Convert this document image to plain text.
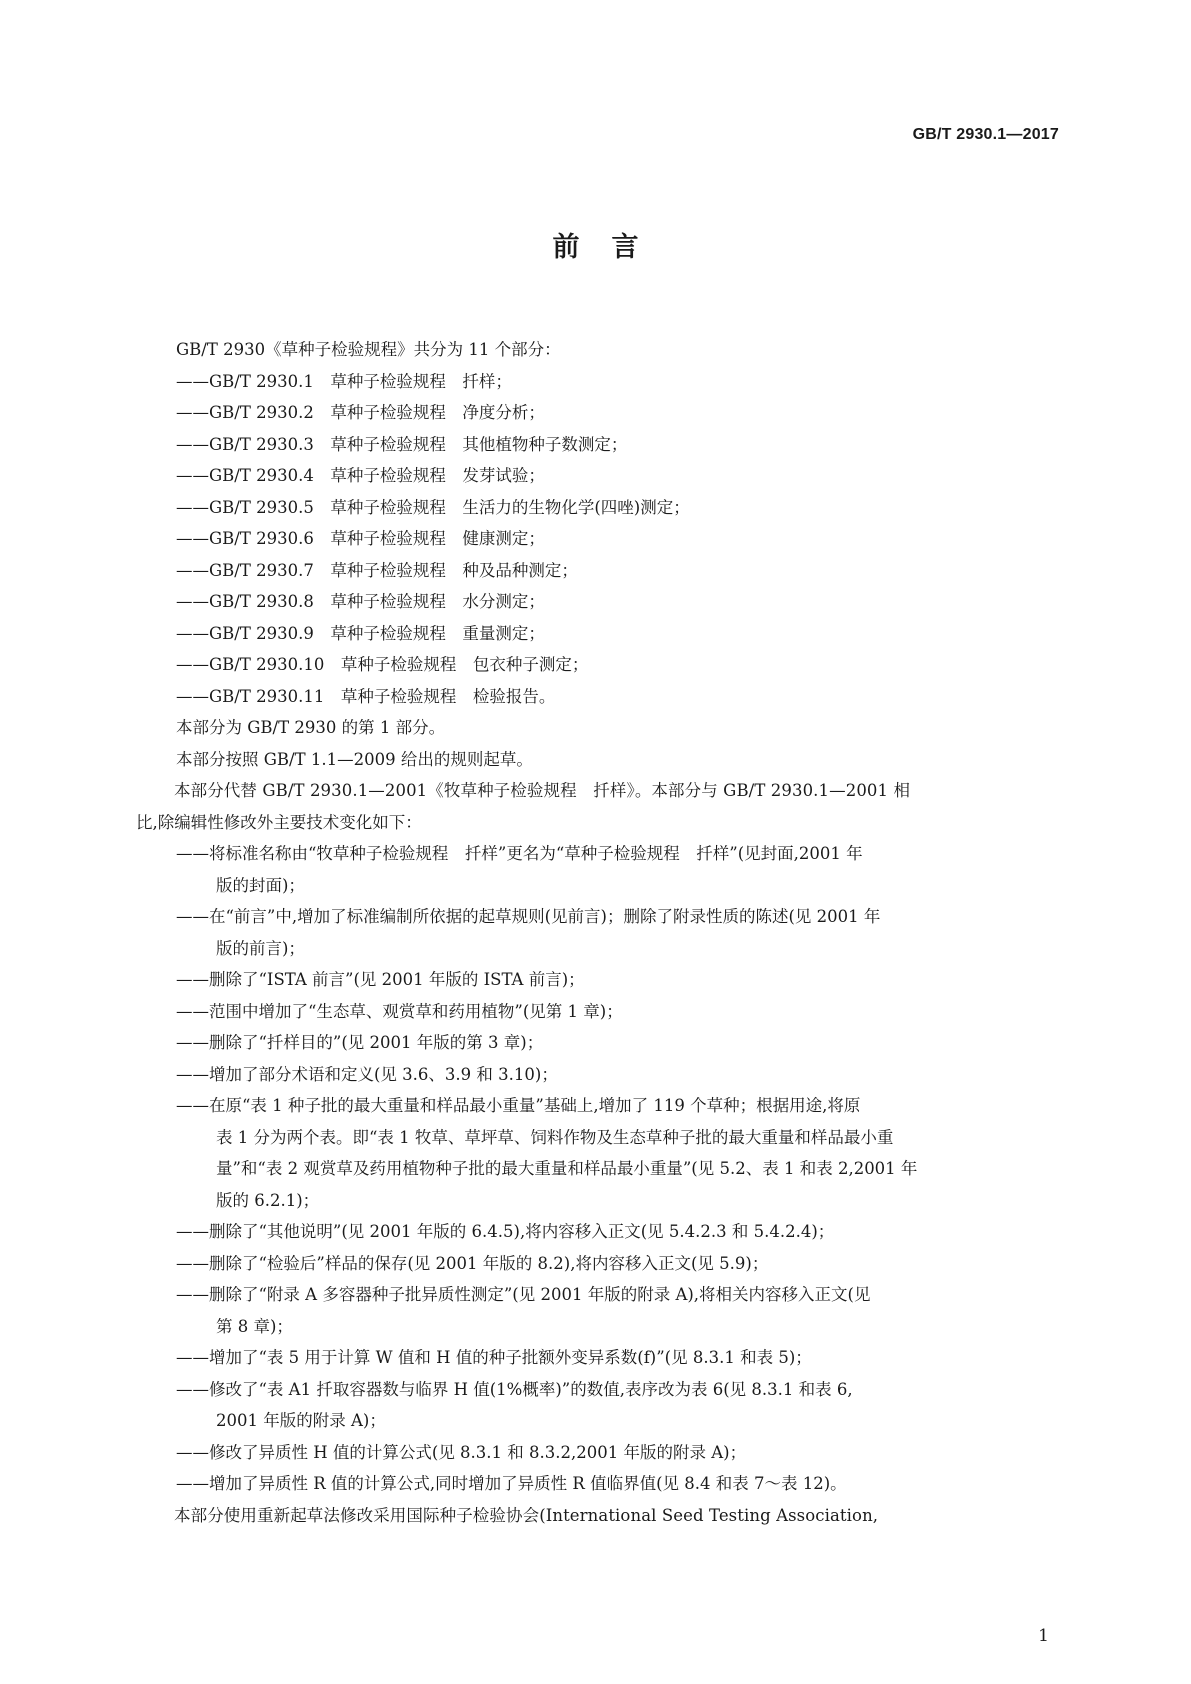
GB/T 2930.1—2017
前言

GB/T 2930《草种子检验规程》共分为 11 个部分：

——GB/T 2930.1　草种子检验规程　扦样；

——GB/T 2930.2　草种子检验规程　净度分析；

——GB/T 2930.3　草种子检验规程　其他植物种子数测定；

——GB/T 2930.4　草种子检验规程　发芽试验；

——GB/T 2930.5　草种子检验规程　生活力的生物化学(四唑)测定；

——GB/T 2930.6　草种子检验规程　健康测定；

——GB/T 2930.7　草种子检验规程　种及品种测定；

——GB/T 2930.8　草种子检验规程　水分测定；

——GB/T 2930.9　草种子检验规程　重量测定；

——GB/T 2930.10　草种子检验规程　包衣种子测定；

——GB/T 2930.11　草种子检验规程　检验报告。

本部分为 GB/T 2930 的第 1 部分。

本部分按照 GB/T 1.1—2009 给出的规则起草。

本部分代替 GB/T 2930.1—2001《牧草种子检验规程　扦样》。本部分与 GB/T 2930.1—2001 相

比,除编辑性修改外主要技术变化如下：

——将标准名称由“牧草种子检验规程　扦样”更名为“草种子检验规程　扦样”(见封面,2001 年

版的封面)；

——在“前言”中,增加了标准编制所依据的起草规则(见前言)；删除了附录性质的陈述(见 2001 年

版的前言)；

——删除了“ISTA 前言”(见 2001 年版的 ISTA 前言)；

——范围中增加了“生态草、观赏草和药用植物”(见第 1 章)；

——删除了“扦样目的”(见 2001 年版的第 3 章)；

——增加了部分术语和定义(见 3.6、3.9 和 3.10)；

——在原“表 1 种子批的最大重量和样品最小重量”基础上,增加了 119 个草种；根据用途,将原

表 1 分为两个表。即“表 1 牧草、草坪草、饲料作物及生态草种子批的最大重量和样品最小重

量”和“表 2 观赏草及药用植物种子批的最大重量和样品最小重量”(见 5.2、表 1 和表 2,2001 年

版的 6.2.1)；

——删除了“其他说明”(见 2001 年版的 6.4.5),将内容移入正文(见 5.4.2.3 和 5.4.2.4)；

——删除了“检验后”样品的保存(见 2001 年版的 8.2),将内容移入正文(见 5.9)；

——删除了“附录 A 多容器种子批异质性测定”(见 2001 年版的附录 A),将相关内容移入正文(见

第 8 章)；

——增加了“表 5 用于计算 W 值和 H 值的种子批额外变异系数(f)”(见 8.3.1 和表 5)；

——修改了“表 A1 扦取容器数与临界 H 值(1%概率)”的数值,表序改为表 6(见 8.3.1 和表 6,

2001 年版的附录 A)；

——修改了异质性 H 值的计算公式(见 8.3.1 和 8.3.2,2001 年版的附录 A)；

——增加了异质性 R 值的计算公式,同时增加了异质性 R 值临界值(见 8.4 和表 7～表 12)。

本部分使用重新起草法修改采用国际种子检验协会(International Seed Testing Association,

1
